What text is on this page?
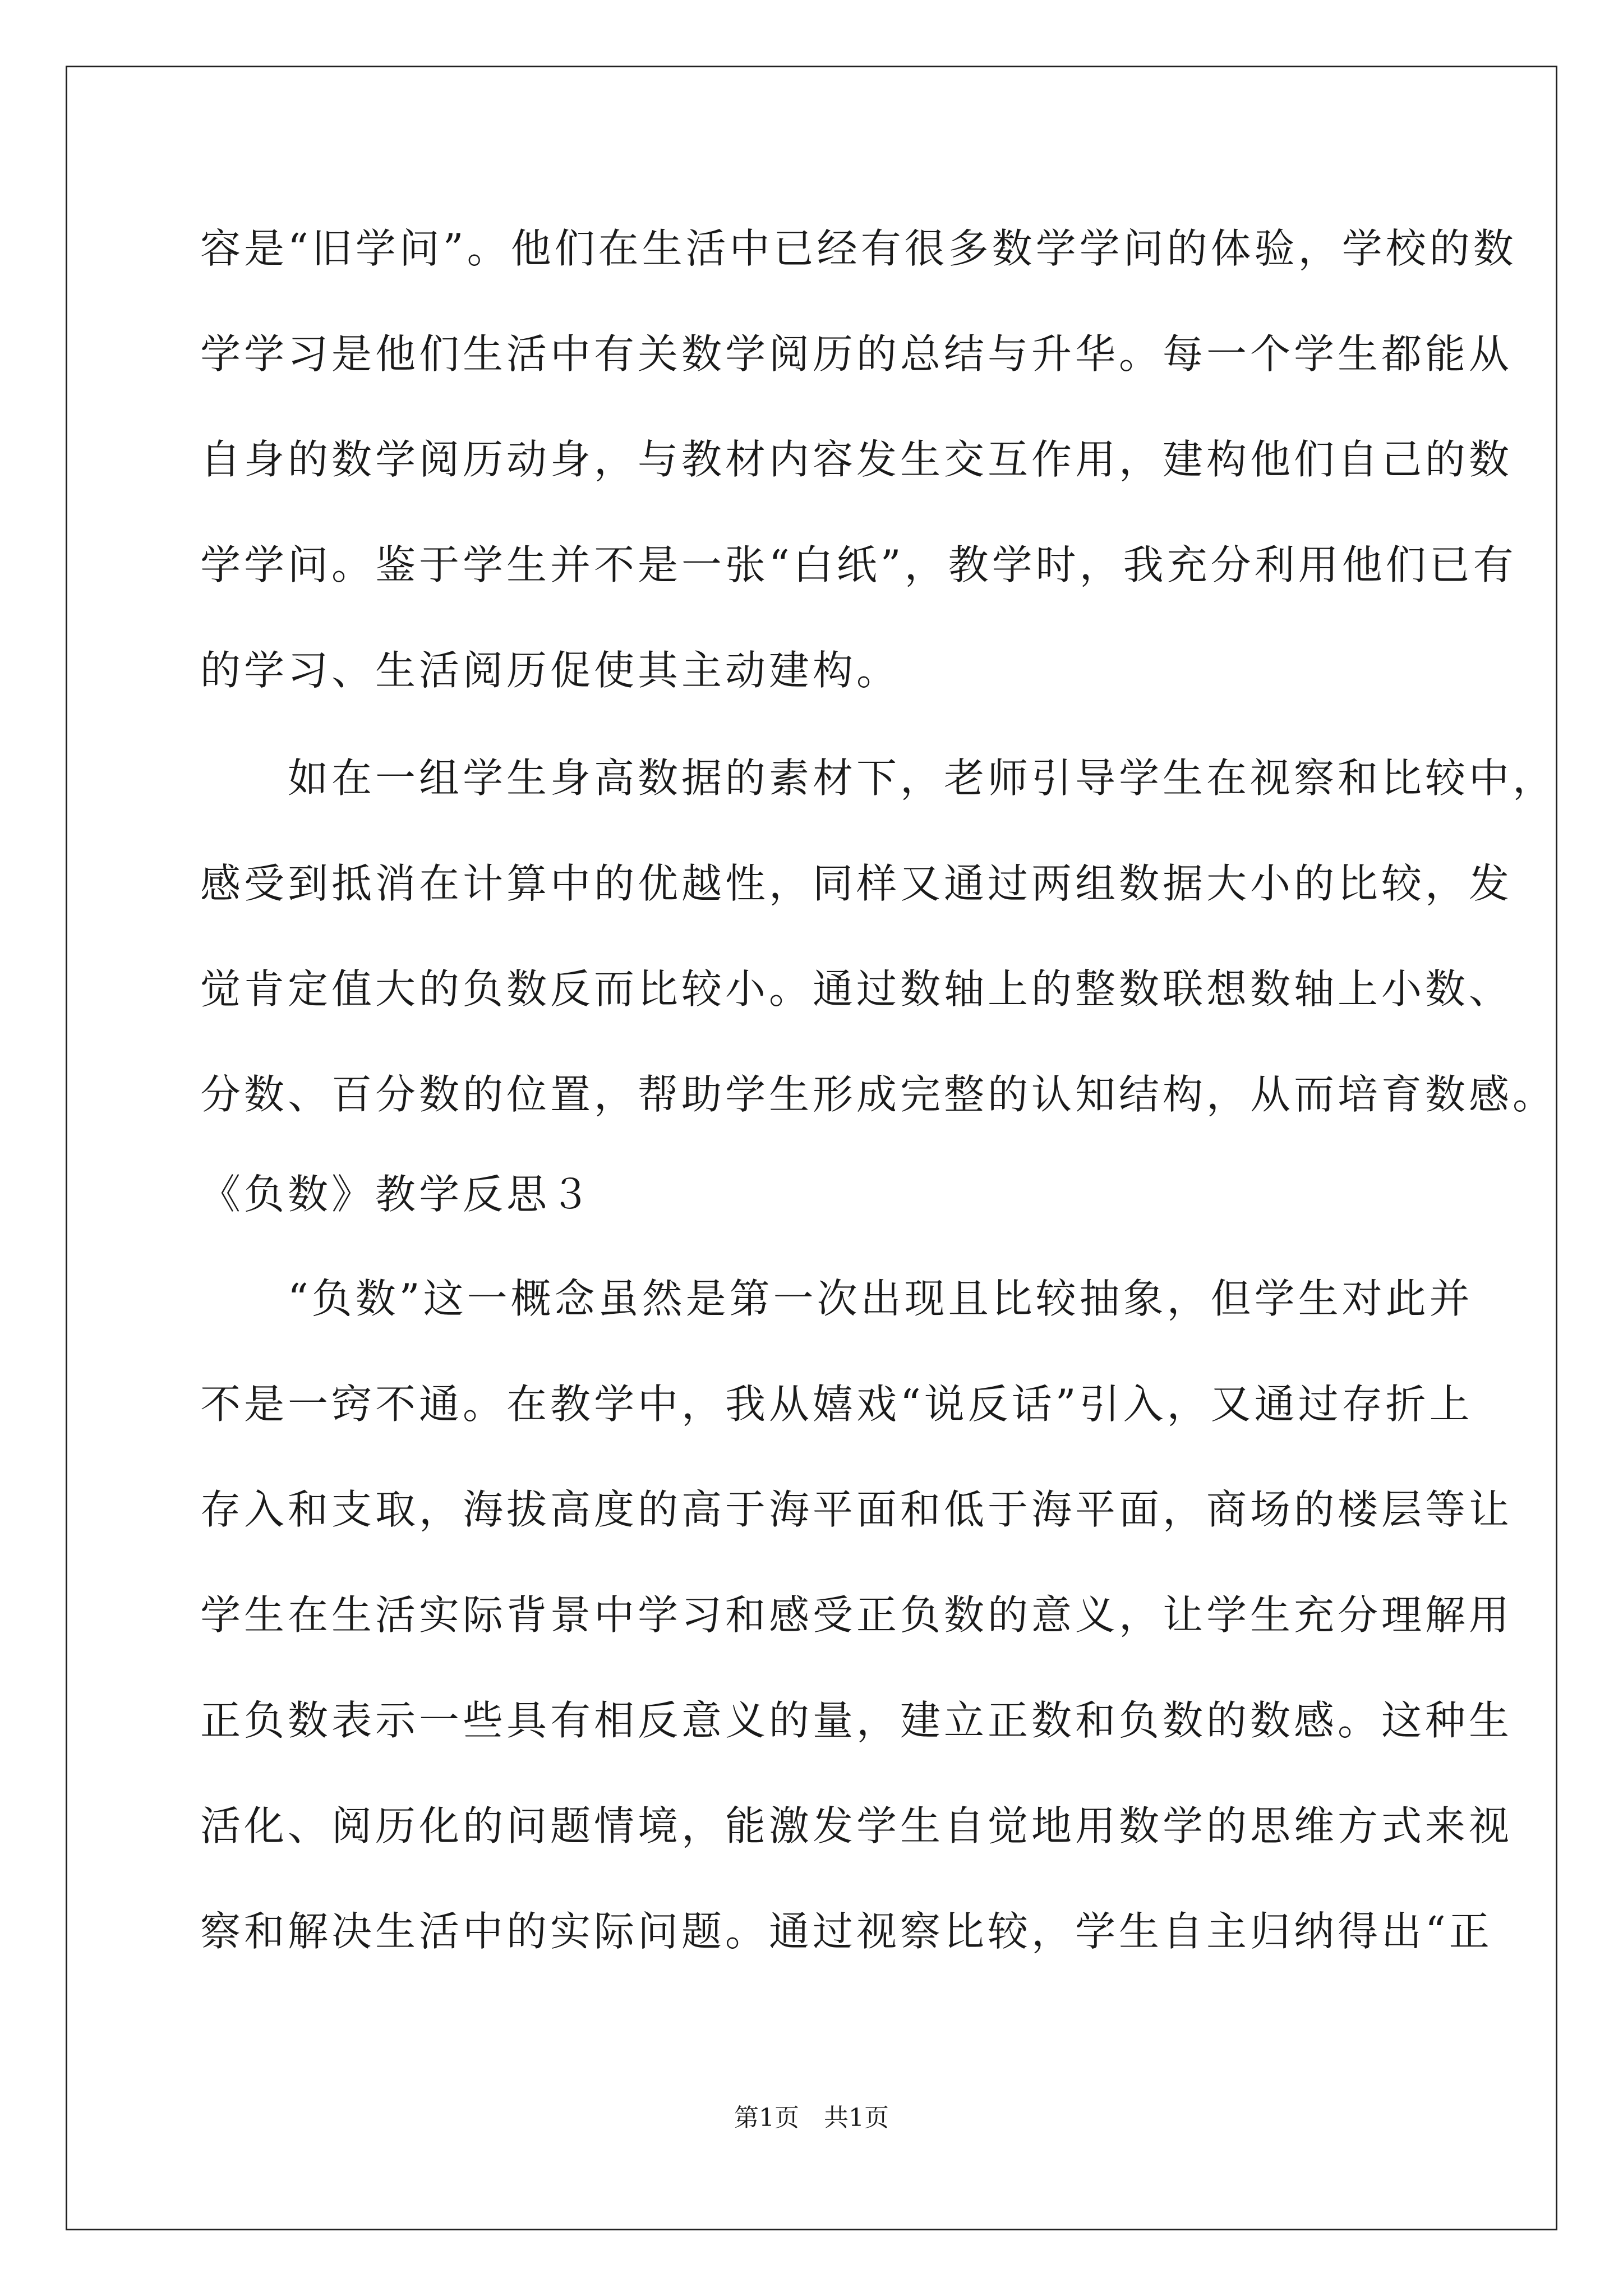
容是“旧学问”。他们在生活中已经有很多数学学问的体验，学校的数
学学习是他们生活中有关数学阅历的总结与升华。每一个学生都能从
自身的数学阅历动身，与教材内容发生交互作用，建构他们自己的数
学学问。鉴于学生并不是一张“白纸”，教学时，我充分利用他们已有
的学习、生活阅历促使其主动建构。
　　如在一组学生身高数据的素材下，老师引导学生在视察和比较中，
感受到抵消在计算中的优越性，同样又通过两组数据大小的比较，发
觉肯定值大的负数反而比较小。通过数轴上的整数联想数轴上小数、
分数、百分数的位置，帮助学生形成完整的认知结构，从而培育数感。
《负数》教学反思３
　　“负数”这一概念虽然是第一次出现且比较抽象，但学生对此并
不是一窍不通。在教学中，我从嬉戏“说反话”引入，又通过存折上
存入和支取，海拔高度的高于海平面和低于海平面，商场的楼层等让
学生在生活实际背景中学习和感受正负数的意义，让学生充分理解用
正负数表示一些具有相反意义的量，建立正数和负数的数感。这种生
活化、阅历化的问题情境，能激发学生自觉地用数学的思维方式来视
察和解决生活中的实际问题。通过视察比较，学生自主归纳得出“正
第1页　共1页
